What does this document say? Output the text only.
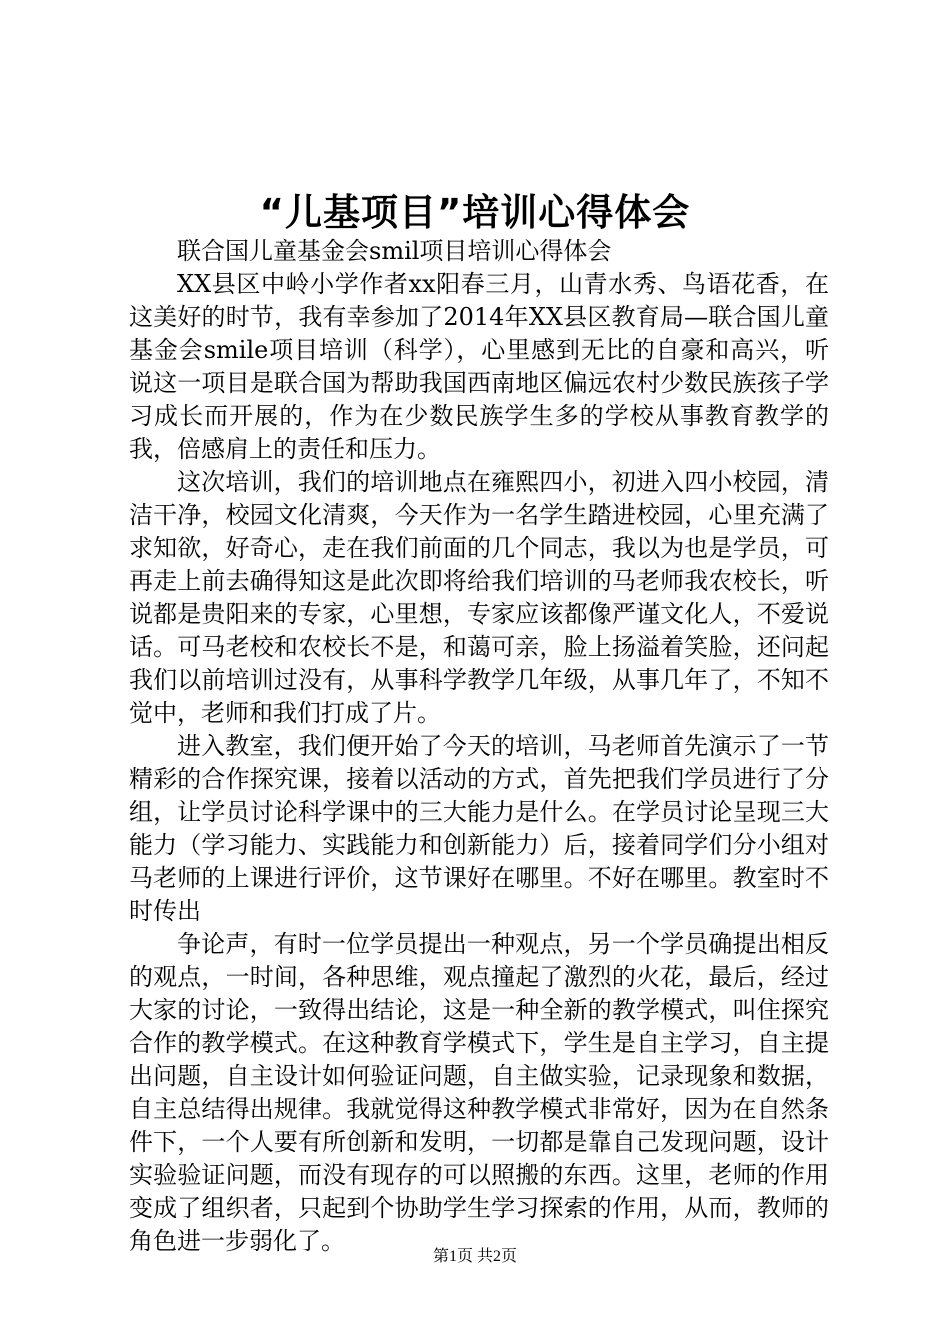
“儿基项目”培训心得体会

联合国儿童基金会smil项目培训心得体会

XX县区中岭小学作者xx阳春三月，山青水秀、鸟语花香，在这美好的时节，我有幸参加了2014年XX县区教育局—联合国儿童基金会smile项目培训（科学），心里感到无比的自豪和高兴，听说这一项目是联合国为帮助我国西南地区偏远农村少数民族孩子学习成长而开展的，作为在少数民族学生多的学校从事教育教学的我，倍感肩上的责任和压力。

这次培训，我们的培训地点在雍熙四小，初进入四小校园，清洁干净，校园文化清爽，今天作为一名学生踏进校园，心里充满了求知欲，好奇心，走在我们前面的几个同志，我以为也是学员，可再走上前去确得知这是此次即将给我们培训的马老师我农校长，听说都是贵阳来的专家，心里想，专家应该都像严谨文化人，不爱说话。可马老校和农校长不是，和蔼可亲，脸上扬溢着笑脸，还问起我们以前培训过没有，从事科学教学几年级，从事几年了，不知不觉中，老师和我们打成了片。

进入教室，我们便开始了今天的培训，马老师首先演示了一节精彩的合作探究课，接着以活动的方式，首先把我们学员进行了分组，让学员讨论科学课中的三大能力是什么。在学员讨论呈现三大能力（学习能力、实践能力和创新能力）后，接着同学们分小组对马老师的上课进行评价，这节课好在哪里。不好在哪里。教室时不时传出

争论声，有时一位学员提出一种观点，另一个学员确提出相反的观点，一时间，各种思维，观点撞起了激烈的火花，最后，经过大家的讨论，一致得出结论，这是一种全新的教学模式，叫住探究合作的教学模式。在这种教育学模式下，学生是自主学习，自主提出问题，自主设计如何验证问题，自主做实验，记录现象和数据，自主总结得出规律。我就觉得这种教学模式非常好，因为在自然条件下，一个人要有所创新和发明，一切都是靠自己发现问题，设计实验验证问题，而没有现存的可以照搬的东西。这里，老师的作用变成了组织者，只起到个协助学生学习探索的作用，从而，教师的角色进一步弱化了。

第1页 共2页
